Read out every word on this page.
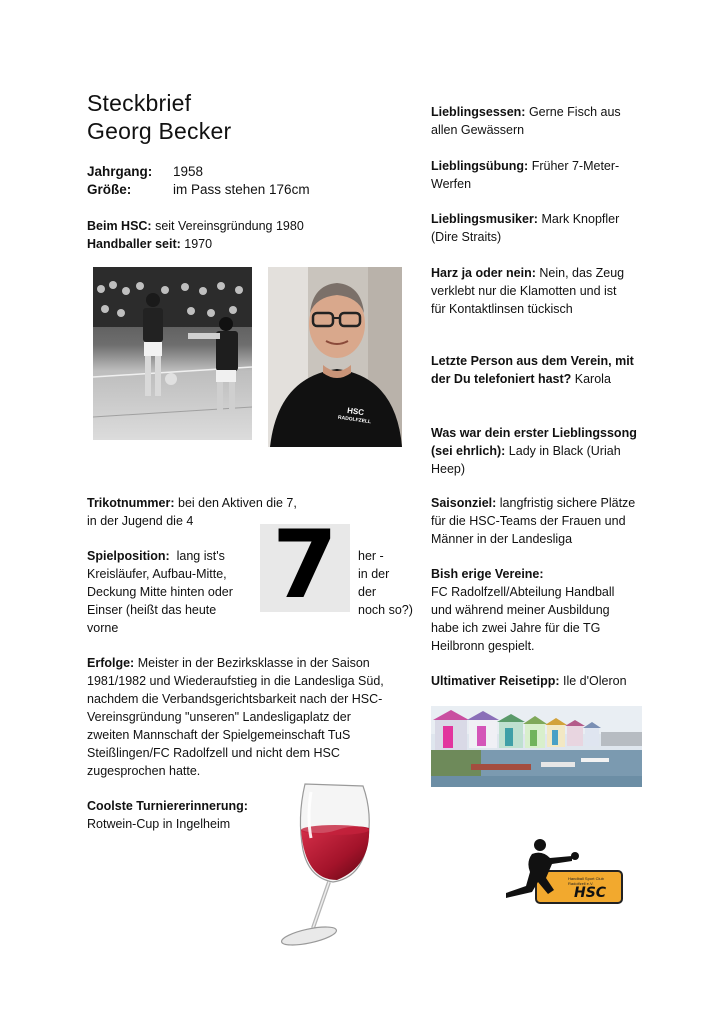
Steckbrief
Georg Becker
Jahrgang:	1958
Größe:	im Pass stehen 176cm
Beim HSC: seit Vereinsgründung 1980
Handballer seit: 1970
HSC
RADOLFZELL
Trikotnummer: bei den Aktiven die 7,
in der Jugend die 4 7
Spielposition:  lang ist's
Kreisläufer, Aufbau-Mitte,
Deckung Mitte hinten oder
Einser (heißt das heute
vorne
her -
in der
der
noch so?)
Erfolge: Meister in der Bezirksklasse in der Saison
1981/1982 und Wiederaufstieg in die Landesliga Süd,
nachdem die Verbandsgerichtsbarkeit nach der HSC-
Vereinsgründung "unseren" Landesligaplatz der
zweiten Mannschaft der Spielgemeinschaft TuS
Steißlingen/FC Radolfzell und nicht dem HSC
zugesprochen hatte.
Coolste Turniererinnerung:
Rotwein-Cup in Ingelheim
Lieblingsessen: Gerne Fisch aus
allen Gewässern
Lieblingsübung: Früher 7-Meter-
Werfen
Lieblingsmusiker: Mark Knopfler
(Dire Straits)
Harz ja oder nein: Nein, das Zeug
verklebt nur die Klamotten und ist
für Kontaktlinsen tückisch
Letzte Person aus dem Verein, mit
der Du telefoniert hast? Karola
Was war dein erster Lieblingssong
(sei ehrlich): Lady in Black (Uriah
Heep)
Saisonziel: langfristig sichere Plätze
für die HSC-Teams der Frauen und
Männer in der Landesliga
Bish erige Vereine:
FC Radolfzell/Abteilung Handball
und während meiner Ausbildung
habe ich zwei Jahre für die TG
Heilbronn gespielt.
Ultimativer Reisetipp: Ile d'Oleron
Handball Sport Club Radolfzell e.V.
HSC
